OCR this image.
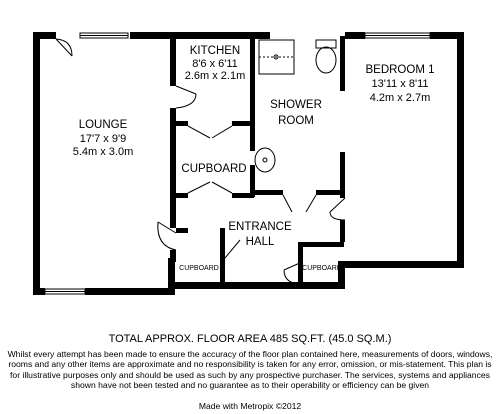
LOUNGE
17'7 x 9'9
5.4m x 3.0m
KITCHEN
8'6 x 6'11
2.6m x 2.1m
SHOWER
ROOM
BEDROOM 1
13'11 x 8'11
4.2m x 2.7m
CUPBOARD
ENTRANCE
HALL
CUPBOARD	CUPBOARD
TOTAL APPROX. FLOOR AREA 485 SQ.FT. (45.0 SQ.M.)
Whilst every attempt has been made to ensure the accuracy of the floor plan contained here, measurements of doors, windows, rooms and any other items are approximate and no responsibility is taken for any error, omission, or mis-statement. This plan is for illustrative purposes only and should be used as such by any prospective purchaser. The services, systems and appliances shown have not been tested and no guarantee as to their operability or efficiency can be given
Made with Metropix ©2012
